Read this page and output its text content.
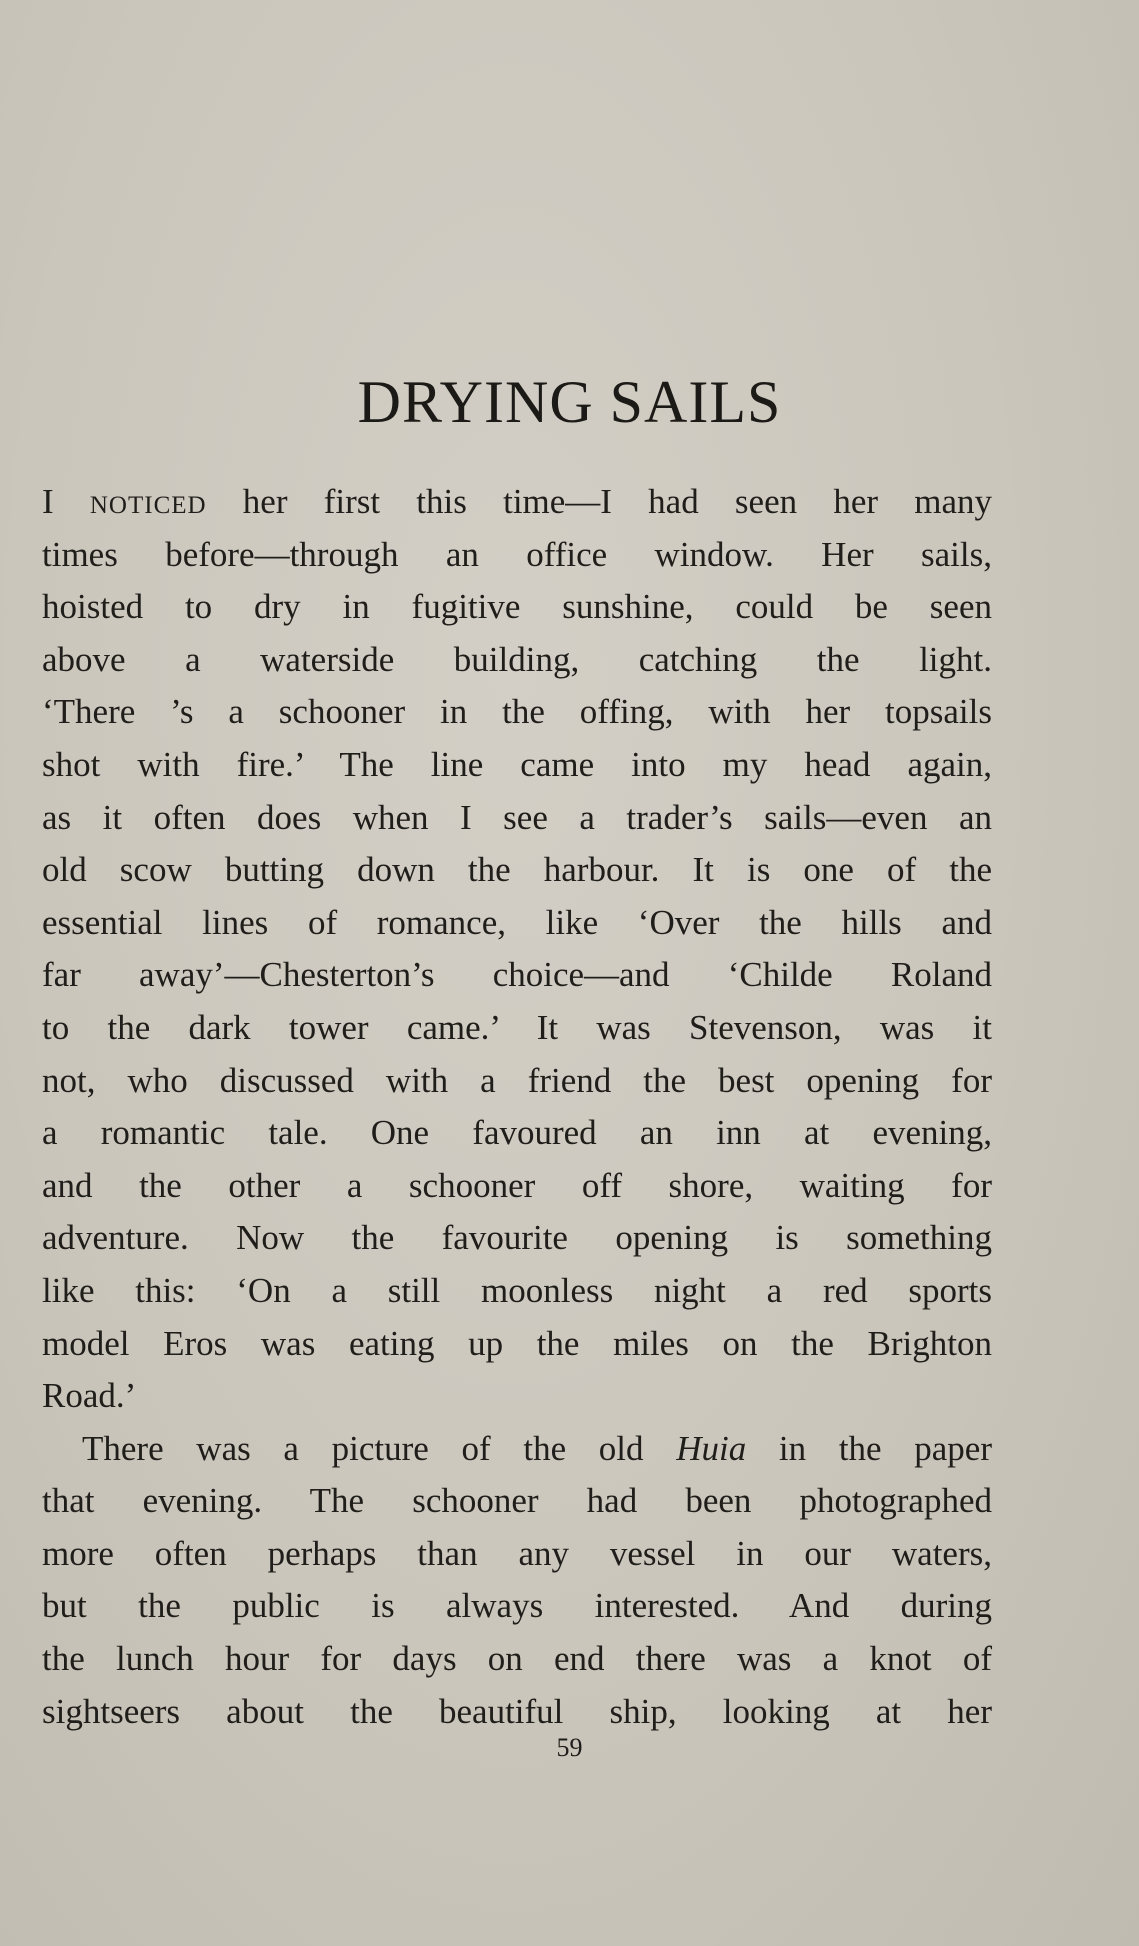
DRYING SAILS
I noticed her first this time—I had seen her many
times before—through an office window. Her sails,
hoisted to dry in fugitive sunshine, could be seen
above a waterside building, catching the light.
‘There ’s a schooner in the offing, with her topsails
shot with fire.’ The line came into my head again,
as it often does when I see a trader’s sails—even an
old scow butting down the harbour. It is one of the
essential lines of romance, like ‘Over the hills and
far away’—Chesterton’s choice—and ‘Childe Roland
to the dark tower came.’ It was Stevenson, was it
not, who discussed with a friend the best opening for
a romantic tale. One favoured an inn at evening,
and the other a schooner off shore, waiting for
adventure. Now the favourite opening is something
like this: ‘On a still moonless night a red sports
model Eros was eating up the miles on the Brighton
Road.’
There was a picture of the old Huia in the paper
that evening. The schooner had been photographed
more often perhaps than any vessel in our waters,
but the public is always interested. And during
the lunch hour for days on end there was a knot of
sightseers about the beautiful ship, looking at her
59
